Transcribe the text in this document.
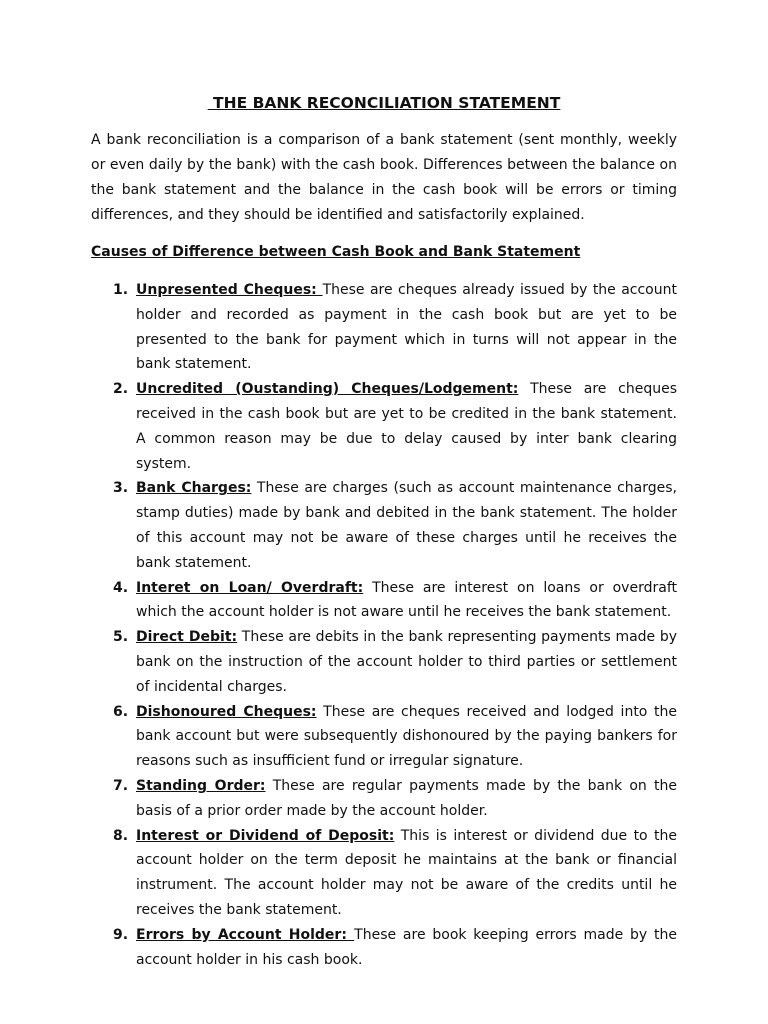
THE BANK RECONCILIATION STATEMENT

A bank reconciliation is a comparison of a bank statement (sent monthly, weekly or even daily by the bank) with the cash book. Differences between the balance on the bank statement and the balance in the cash book will be errors or timing differences, and they should be identified and satisfactorily explained.

Causes of Difference between Cash Book and Bank Statement
1. Unpresented Cheques: These are cheques already issued by the account holder and recorded as payment in the cash book but are yet to be presented to the bank for payment which in turns will not appear in the bank statement.
2. Uncredited (Oustanding) Cheques/Lodgement: These are cheques received in the cash book but are yet to be credited in the bank statement. A common reason may be due to delay caused by inter bank clearing system.
3. Bank Charges: These are charges (such as account maintenance charges, stamp duties) made by bank and debited in the bank statement. The holder of this account may not be aware of these charges until he receives the bank statement.
4. Interet on Loan/ Overdraft: These are interest on loans or overdraft which the account holder is not aware until he receives the bank statement.
5. Direct Debit: These are debits in the bank representing payments made by bank on the instruction of the account holder to third parties or settlement of incidental charges.
6. Dishonoured Cheques: These are cheques received and lodged into the bank account but were subsequently dishonoured by the paying bankers for reasons such as insufficient fund or irregular signature.
7. Standing Order: These are regular payments made by the bank on the basis of a prior order made by the account holder.
8. Interest or Dividend of Deposit: This is interest or dividend due to the account holder on the term deposit he maintains at the bank or financial instrument. The account holder may not be aware of the credits until he receives the bank statement.
9. Errors by Account Holder: These are book keeping errors made by the account holder in his cash book.
